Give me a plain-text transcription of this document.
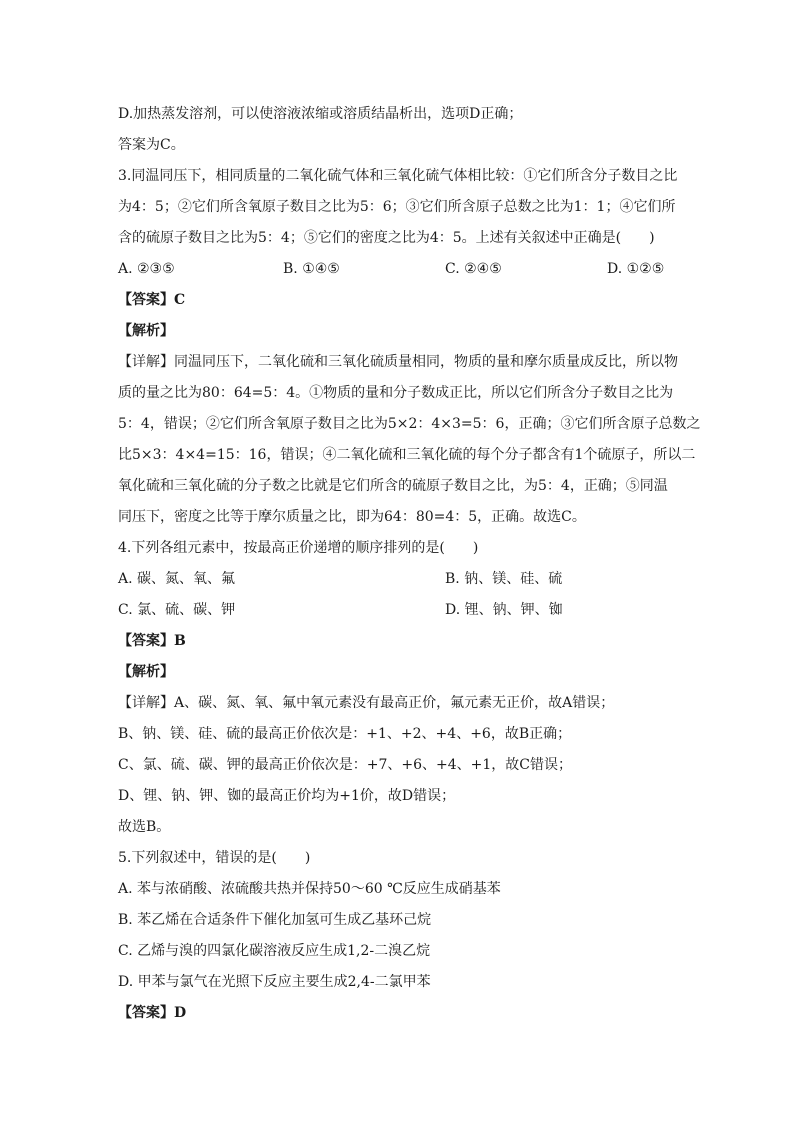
D.加热蒸发溶剂，可以使溶液浓缩或溶质结晶析出，选项D正确；
答案为C。
3.同温同压下，相同质量的二氧化硫气体和三氧化硫气体相比较：①它们所含分子数目之比
为4：5；②它们所含氧原子数目之比为5：6；③它们所含原子总数之比为1：1；④它们所
含的硫原子数目之比为5：4；⑤它们的密度之比为4：5。上述有关叙述中正确是(　　)
A. ②③⑤	B. ①④⑤	C. ②④⑤	D. ①②⑤
【答案】C
【解析】
【详解】同温同压下，二氧化硫和三氧化硫质量相同，物质的量和摩尔质量成反比，所以物
质的量之比为80：64=5：4。①物质的量和分子数成正比，所以它们所含分子数目之比为
5：4，错误；②它们所含氧原子数目之比为5×2：4×3=5：6，正确；③它们所含原子总数之
比5×3：4×4=15：16，错误；④二氧化硫和三氧化硫的每个分子都含有1个硫原子，所以二
氧化硫和三氧化硫的分子数之比就是它们所含的硫原子数目之比，为5：4，正确；⑤同温
同压下，密度之比等于摩尔质量之比，即为64：80=4：5，正确。故选C。
4.下列各组元素中，按最高正价递增的顺序排列的是(　　)
A. 碳、氮、氧、氟	B. 钠、镁、硅、硫
C. 氯、硫、碳、钾	D. 锂、钠、钾、铷
【答案】B
【解析】
【详解】A、碳、氮、氧、氟中氧元素没有最高正价，氟元素无正价，故A错误；
B、钠、镁、硅、硫的最高正价依次是：+1、+2、+4、+6，故B正确；
C、氯、硫、碳、钾的最高正价依次是：+7、+6、+4、+1，故C错误；
D、锂、钠、钾、铷的最高正价均为+1价，故D错误；
故选B。
5.下列叙述中，错误的是(　　)
A. 苯与浓硝酸、浓硫酸共热并保持50～60 ℃反应生成硝基苯
B. 苯乙烯在合适条件下催化加氢可生成乙基环己烷
C. 乙烯与溴的四氯化碳溶液反应生成1,2-二溴乙烷
D. 甲苯与氯气在光照下反应主要生成2,4-二氯甲苯
【答案】D
